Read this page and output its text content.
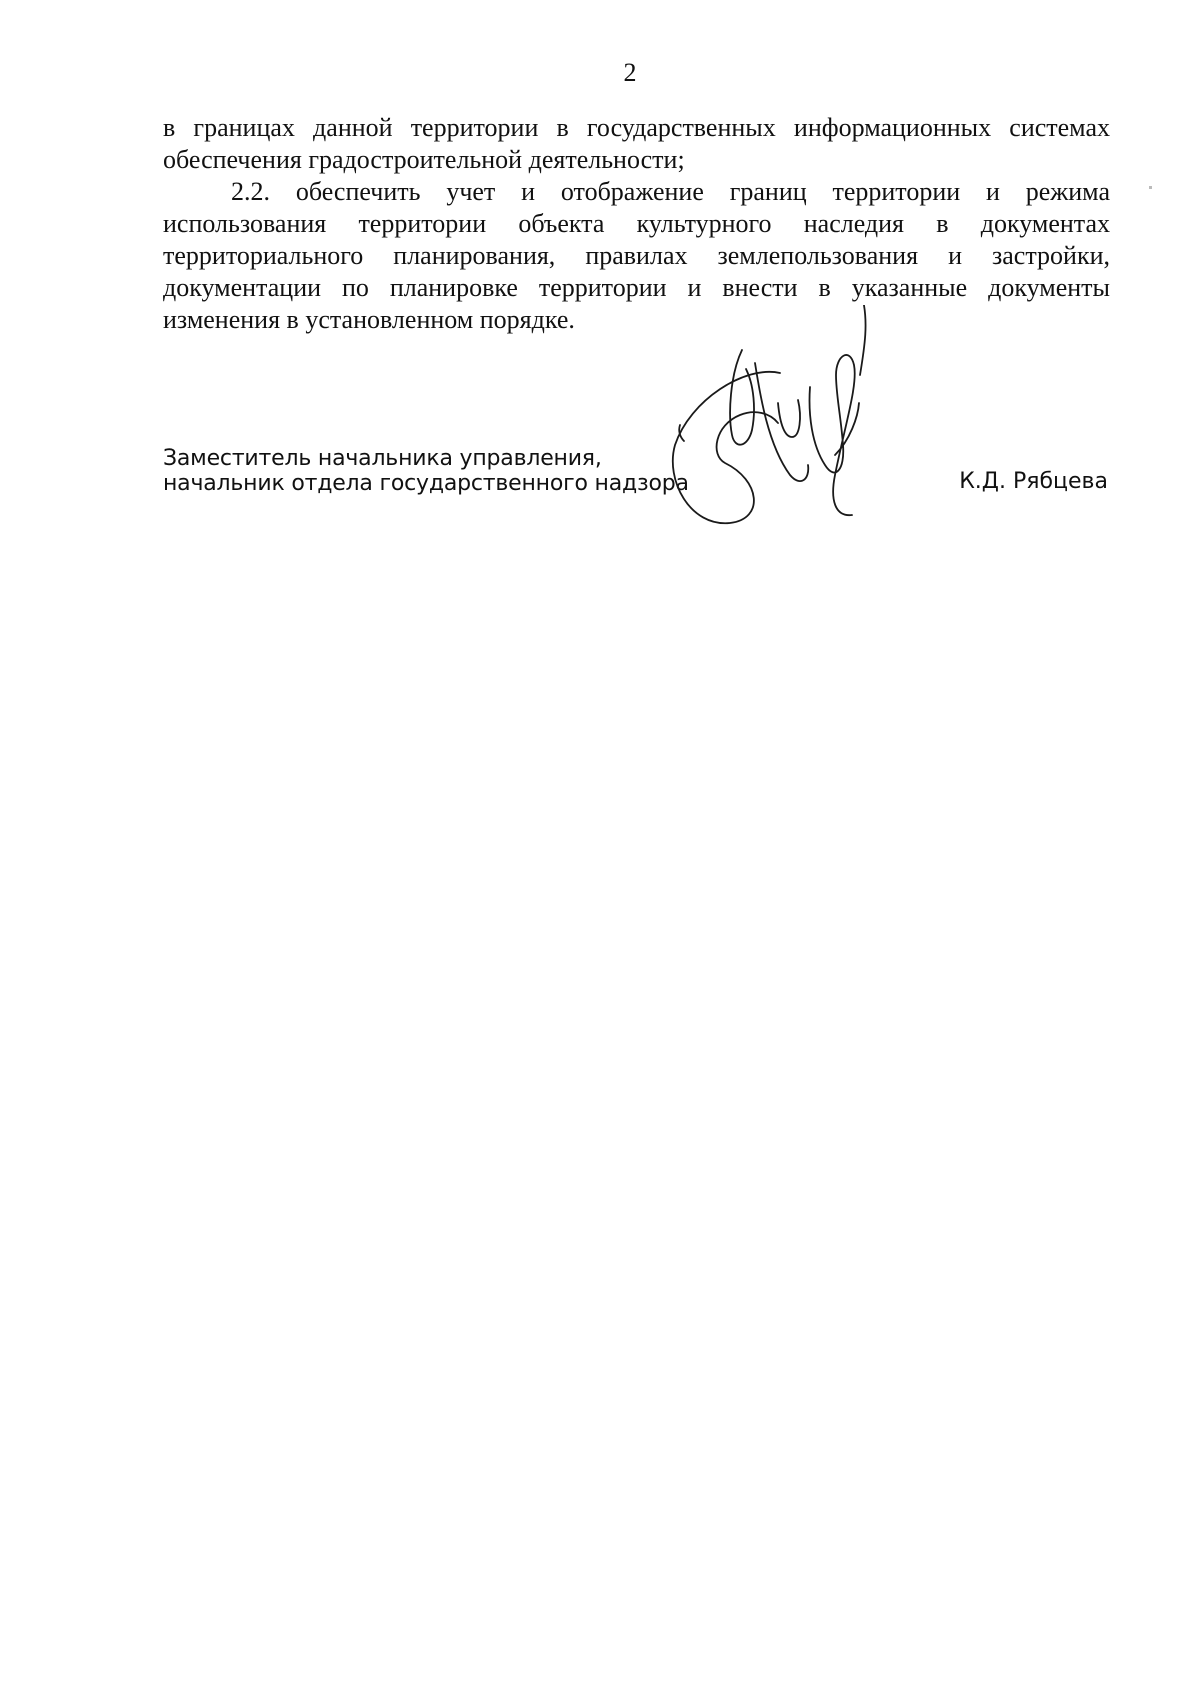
2

в границах данной территории в государственных информационных системах обеспечения градостроительной деятельности;

2.2. обеспечить учет и отображение границ территории и режима использования территории объекта культурного наследия в документах территориального планирования, правилах землепользования и застройки, документации по планировке территории и внести в указанные документы изменения в установленном порядке.

Заместитель начальника управления,
начальник отдела государственного надзора	К.Д. Рябцева
